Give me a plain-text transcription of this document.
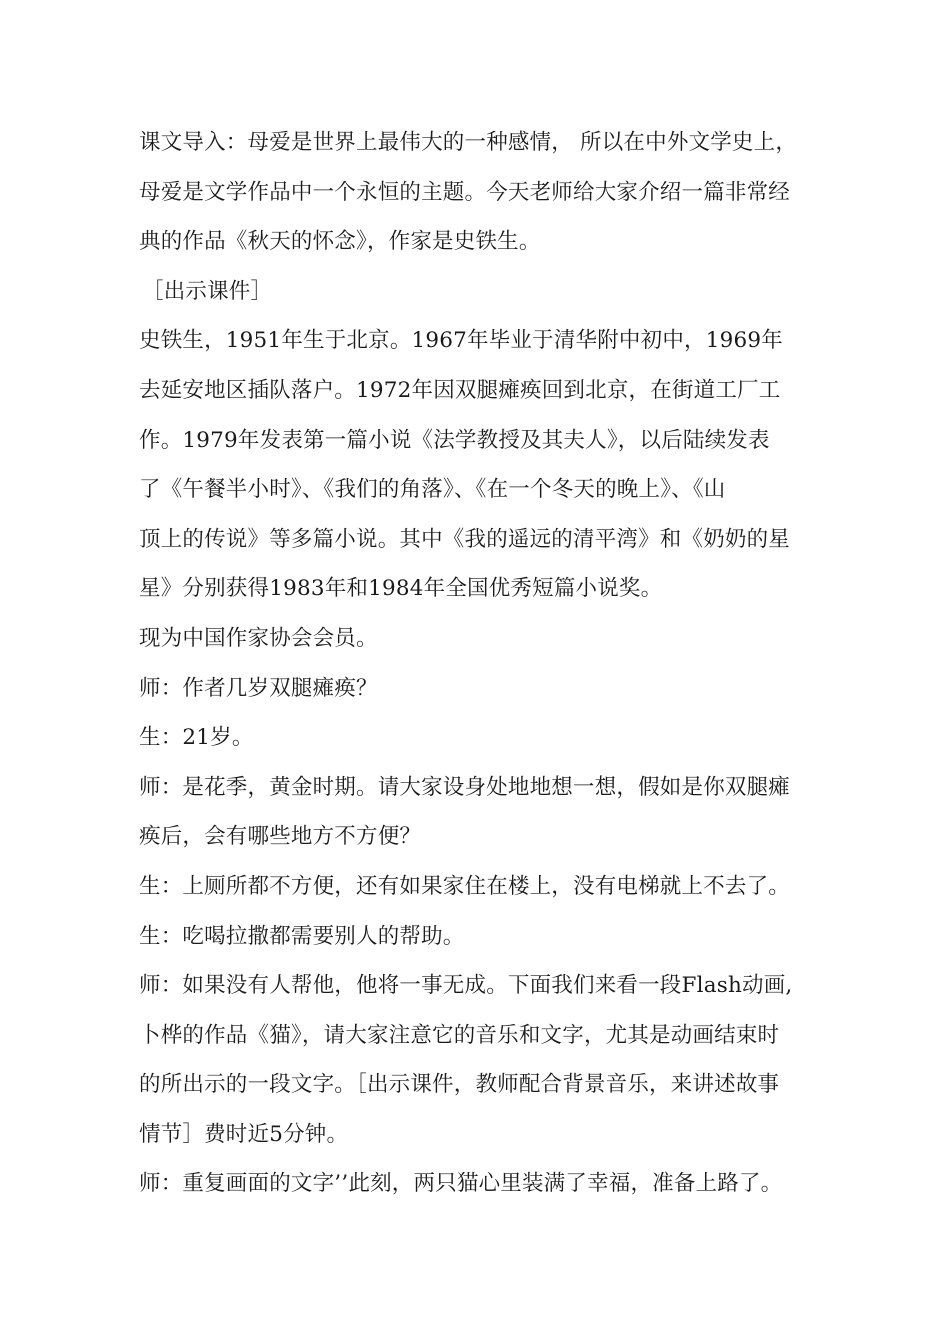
课文导入：母爱是世界上最伟大的一种感情， 所以在中外文学史上，
母爱是文学作品中一个永恒的主题。今天老师给大家介绍一篇非常经
典的作品《秋天的怀念》，作家是史铁生。
［出示课件］
史铁生，1951年生于北京。1967年毕业于清华附中初中，1969年
去延安地区插队落户。1972年因双腿瘫痪回到北京，在街道工厂工
作。1979年发表第一篇小说《法学教授及其夫人》，以后陆续发表
了《午餐半小时》、《我们的角落》、《在一个冬天的晚上》、《山
顶上的传说》等多篇小说。其中《我的遥远的清平湾》和《奶奶的星
星》分别获得1983年和1984年全国优秀短篇小说奖。
现为中国作家协会会员。
师：作者几岁双腿瘫痪？
生：21岁。
师：是花季，黄金时期。请大家设身处地地想一想，假如是你双腿瘫
痪后，会有哪些地方不方便？
生：上厕所都不方便，还有如果家住在楼上，没有电梯就上不去了。
生：吃喝拉撒都需要别人的帮助。
师：如果没有人帮他，他将一事无成。下面我们来看一段Flash动画,
卜桦的作品《猫》，请大家注意它的音乐和文字，尤其是动画结束时
的所出示的一段文字。［出示课件，教师配合背景音乐，来讲述故事
情节］费时近5分钟。
师：重复画面的文字’’此刻，两只猫心里装满了幸福，准备上路了。
